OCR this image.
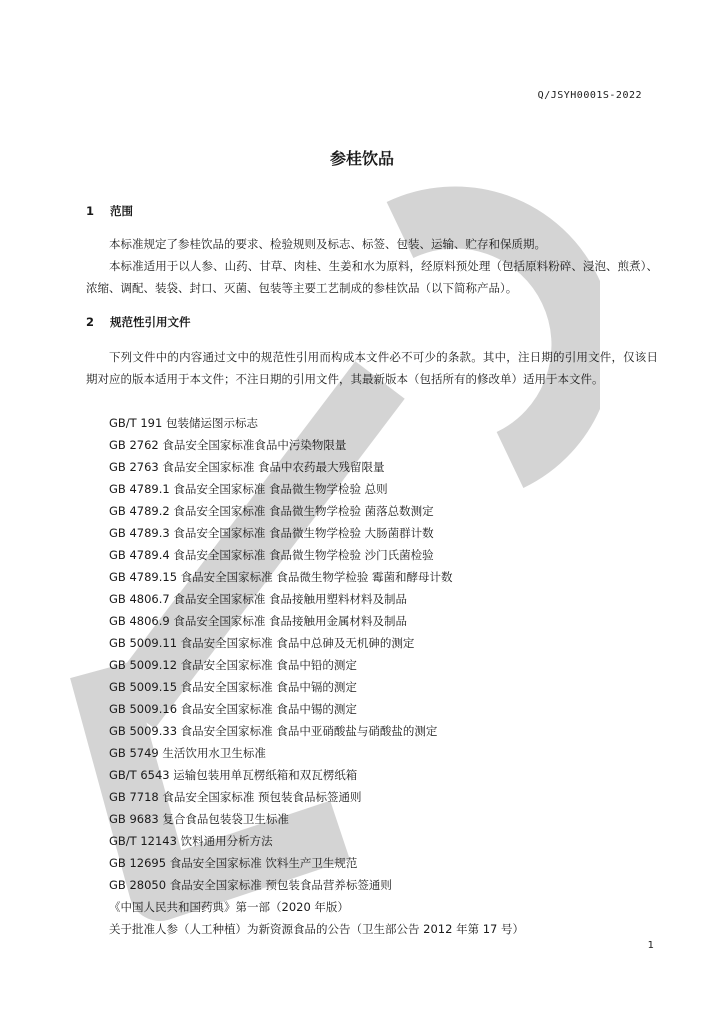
Q/JSYH0001S-2022
参桂饮品
1 范围
本标准规定了参桂饮品的要求、检验规则及标志、标签、包装、运输、贮存和保质期。
本标准适用于以人参、山药、甘草、肉桂、生姜和水为原料，经原料预处理（包括原料粉碎、浸泡、煎煮）、浓缩、调配、装袋、封口、灭菌、包装等主要工艺制成的参桂饮品（以下简称产品）。
2 规范性引用文件
下列文件中的内容通过文中的规范性引用而构成本文件必不可少的条款。其中，注日期的引用文件，仅该日期对应的版本适用于本文件；不注日期的引用文件，其最新版本（包括所有的修改单）适用于本文件。
GB/T 191 包装储运图示标志
GB 2762 食品安全国家标准食品中污染物限量
GB 2763 食品安全国家标准 食品中农药最大残留限量
GB 4789.1 食品安全国家标准 食品微生物学检验 总则
GB 4789.2 食品安全国家标准 食品微生物学检验 菌落总数测定
GB 4789.3 食品安全国家标准 食品微生物学检验 大肠菌群计数
GB 4789.4 食品安全国家标准 食品微生物学检验 沙门氏菌检验
GB 4789.15 食品安全国家标准 食品微生物学检验 霉菌和酵母计数
GB 4806.7 食品安全国家标准 食品接触用塑料材料及制品
GB 4806.9 食品安全国家标准 食品接触用金属材料及制品
GB 5009.11 食品安全国家标准 食品中总砷及无机砷的测定
GB 5009.12 食品安全国家标准 食品中铅的测定
GB 5009.15 食品安全国家标准 食品中镉的测定
GB 5009.16 食品安全国家标准 食品中锡的测定
GB 5009.33 食品安全国家标准 食品中亚硝酸盐与硝酸盐的测定
GB 5749 生活饮用水卫生标准
GB/T 6543 运输包装用单瓦楞纸箱和双瓦楞纸箱
GB 7718 食品安全国家标准 预包装食品标签通则
GB 9683 复合食品包装袋卫生标准
GB/T 12143 饮料通用分析方法
GB 12695 食品安全国家标准 饮料生产卫生规范
GB 28050 食品安全国家标准 预包装食品营养标签通则
《中国人民共和国药典》第一部（2020 年版）
关于批准人参（人工种植）为新资源食品的公告（卫生部公告 2012 年第 17 号）
1
